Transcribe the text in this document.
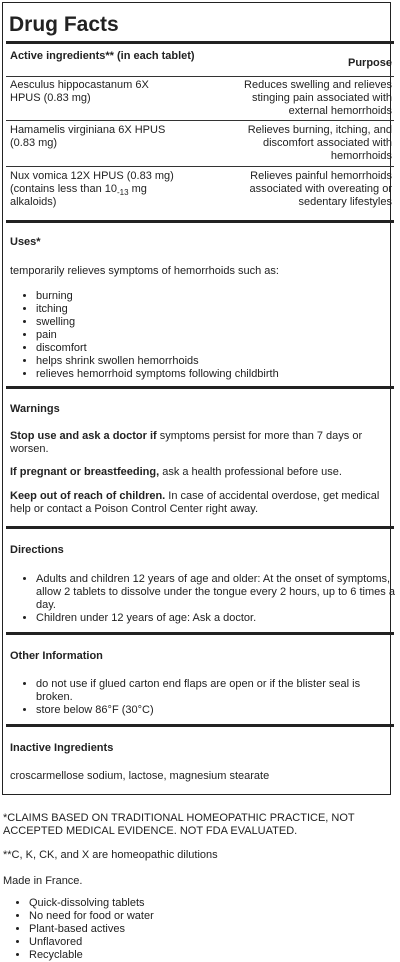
Drug Facts
Active ingredients** (in each tablet)
Purpose
Aesculus hippocastanum 6X HPUS (0.83 mg)
Reduces swelling and relieves stinging pain associated with external hemorrhoids
Hamamelis virginiana 6X HPUS (0.83 mg)
Relieves burning, itching, and discomfort associated with hemorrhoids
Nux vomica 12X HPUS (0.83 mg) (contains less than $10_{-13}$ mg alkaloids)
Relieves painful hemorrhoids associated with overeating or sedentary lifestyles
Uses*
temporarily relieves symptoms of hemorrhoids such as:
• burning
• itching
• swelling
• pain
• discomfort
• helps shrink swollen hemorrhoids
• relieves hemorrhoid symptoms following childbirth
Warnings
Stop use and ask a doctor if symptoms persist for more than 7 days or worsen.
If pregnant or breastfeeding, ask a health professional before use.
Keep out of reach of children. In case of accidental overdose, get medical help or contact a Poison Control Center right away.
Directions
• Adults and children 12 years of age and older: At the onset of symptoms, allow 2 tablets to dissolve under the tongue every 2 hours, up to 6 times a day.
• Children under 12 years of age: Ask a doctor.
Other Information
• do not use if glued carton end flaps are open or if the blister seal is broken.
• store below 86°F (30°C)
Inactive Ingredients
croscarmellose sodium, lactose, magnesium stearate
*CLAIMS BASED ON TRADITIONAL HOMEOPATHIC PRACTICE, NOT ACCEPTED MEDICAL EVIDENCE. NOT FDA EVALUATED.
**C, K, CK, and X are homeopathic dilutions
Made in France.
• Quick-dissolving tablets
• No need for food or water
• Plant-based actives
• Unflavored
• Recyclable
